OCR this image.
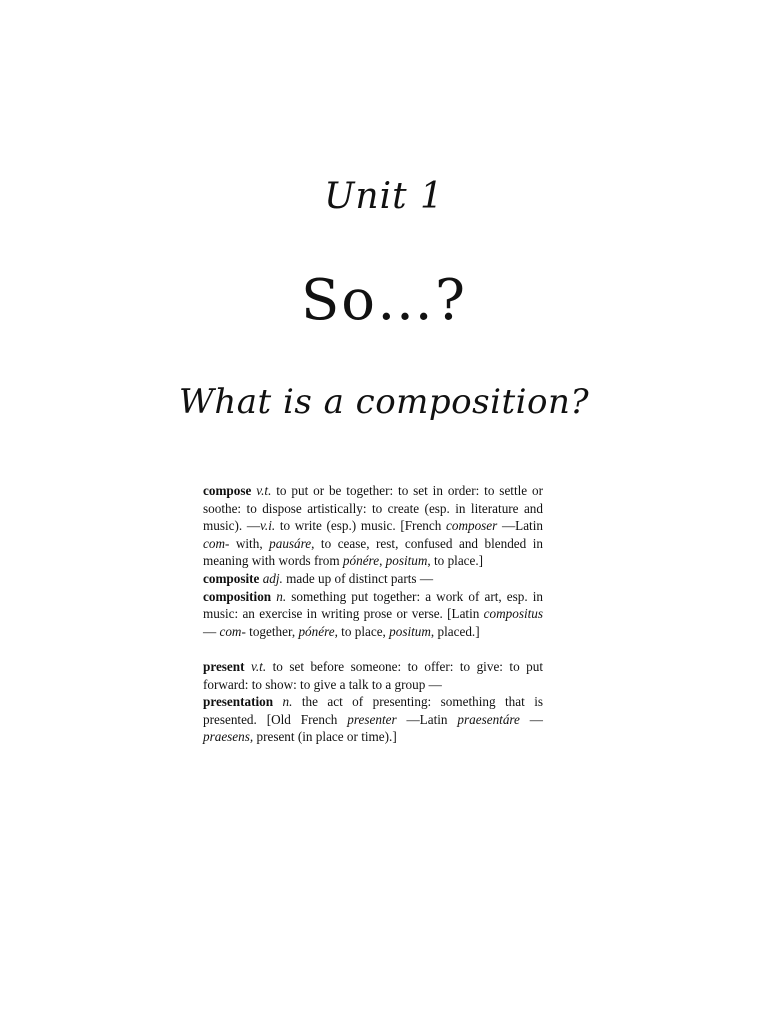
Unit 1
So…?
What is a composition?

compose v.t. to put or be together: to set in order: to settle or soothe: to dispose artistically: to create (esp. in literature and music). —v.i. to write (esp.) music. [French composer —Latin com- with, pausáre, to cease, rest, confused and blended in meaning with words from pónére, positum, to place.]

composite adj. made up of distinct parts —

composition n. something put together: a work of art, esp. in music: an exercise in writing prose or verse. [Latin compositus — com- together, pónére, to place, positum, placed.]

present v.t. to set before someone: to offer: to give: to put forward: to show: to give a talk to a group —

presentation n. the act of presenting: something that is presented. [Old French presenter —Latin praesentáre — praesens, present (in place or time).]
